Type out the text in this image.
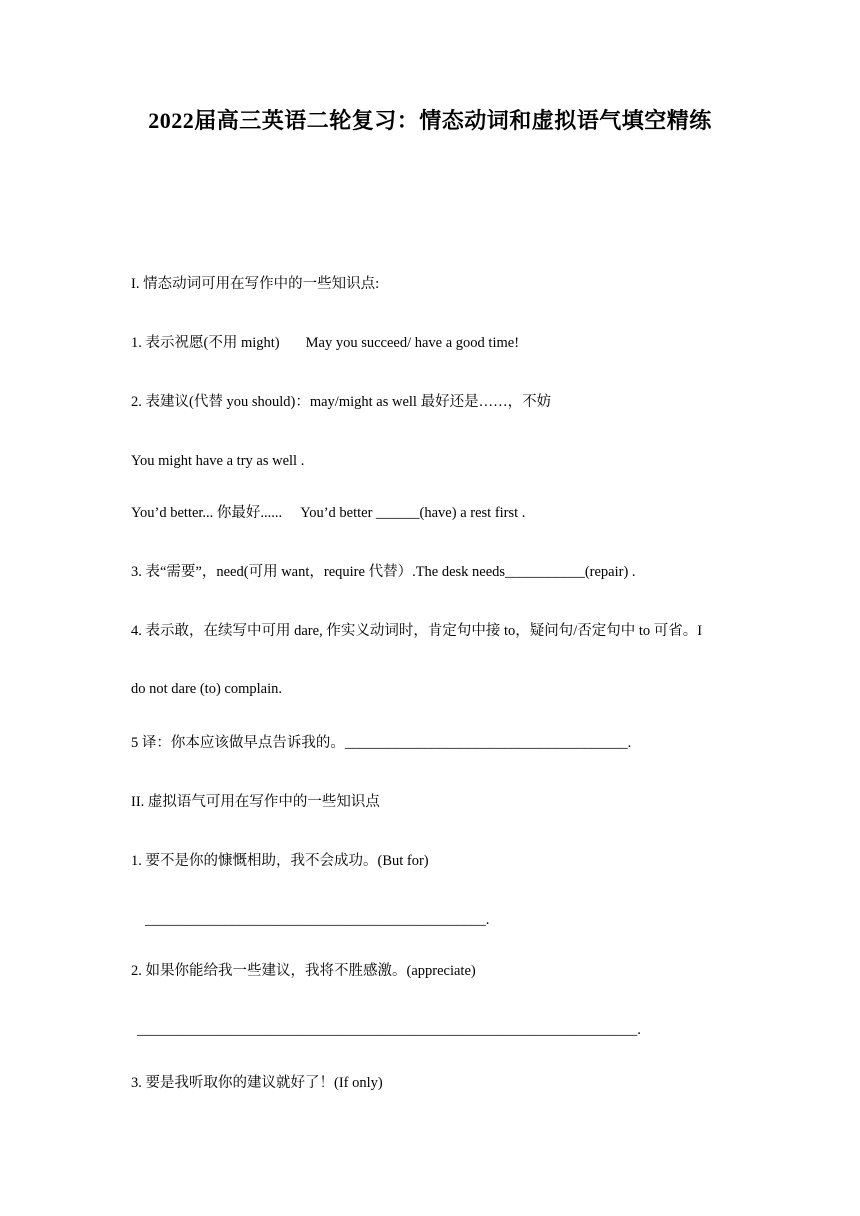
2022届高三英语二轮复习：情态动词和虚拟语气填空精练
I. 情态动词可用在写作中的一些知识点:
1. 表示祝愿(不用 might) May you succeed/ have a good time!
2. 表建议(代替 you should)：may/might as well 最好还是……，不妨
You might have a try as well .
You’d better... 你最好...... You’d better ______(have) a rest first .
3. 表“需要”，need(可用 want，require 代替）.The desk needs___________(repair) .
4. 表示敢，在续写中可用 dare, 作实义动词时，肯定句中接 to，疑问句/否定句中 to 可省。I
do not dare (to) complain.
5 译：你本应该做早点告诉我的。_______________________________________.
II. 虚拟语气可用在写作中的一些知识点
1. 要不是你的慷慨相助，我不会成功。(But for)
_______________________________________________.
2. 如果你能给我一些建议，我将不胜感激。(appreciate)
_____________________________________________________________________.
3. 要是我听取你的建议就好了！(If only)
